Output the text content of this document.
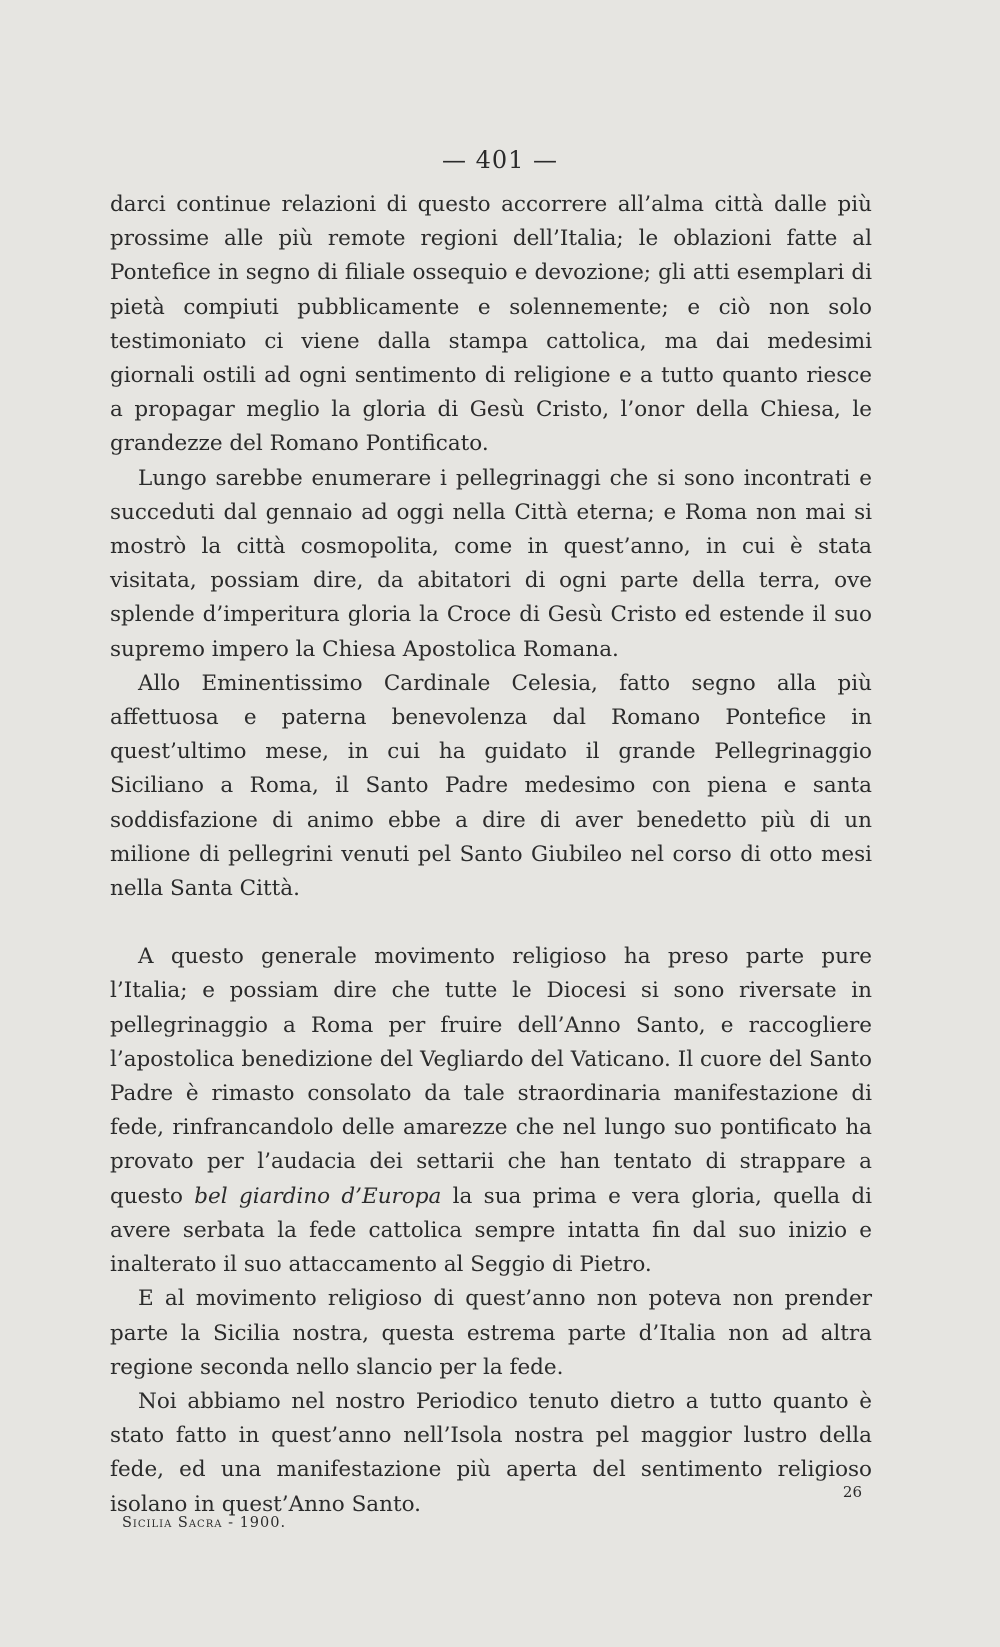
— 401 —

darci continue relazioni di questo accorrere all’alma città dalle più prossime alle più remote regioni dell’Italia; le oblazioni fatte al Pontefice in segno di filiale ossequio e devozione; gli atti esemplari di pietà compiuti pubblicamente e solennemente; e ciò non solo testimoniato ci viene dalla stampa cattolica, ma dai medesimi giornali ostili ad ogni sentimento di religione e a tutto quanto riesce a propagar meglio la gloria di Gesù Cristo, l’onor della Chiesa, le grandezze del Romano Pontificato.

Lungo sarebbe enumerare i pellegrinaggi che si sono incontrati e succeduti dal gennaio ad oggi nella Città eterna; e Roma non mai si mostrò la città cosmopolita, come in quest’anno, in cui è stata visitata, possiam dire, da abitatori di ogni parte della terra, ove splende d’imperitura gloria la Croce di Gesù Cristo ed estende il suo supremo impero la Chiesa Apostolica Romana.

Allo Eminentissimo Cardinale Celesia, fatto segno alla più affettuosa e paterna benevolenza dal Romano Pontefice in quest’ultimo mese, in cui ha guidato il grande Pellegrinaggio Siciliano a Roma, il Santo Padre medesimo con piena e santa soddisfazione di animo ebbe a dire di aver benedetto più di un milione di pellegrini venuti pel Santo Giubileo nel corso di otto mesi nella Santa Città.

A questo generale movimento religioso ha preso parte pure l’Italia; e possiam dire che tutte le Diocesi si sono riversate in pellegrinaggio a Roma per fruire dell’Anno Santo, e raccogliere l’apostolica benedizione del Vegliardo del Vaticano. Il cuore del Santo Padre è rimasto consolato da tale straordinaria manifestazione di fede, rinfrancandolo delle amarezze che nel lungo suo pontificato ha provato per l’audacia dei settarii che han tentato di strappare a questo bel giardino d’Europa la sua prima e vera gloria, quella di avere serbata la fede cattolica sempre intatta fin dal suo inizio e inalterato il suo attaccamento al Seggio di Pietro.

E al movimento religioso di quest’anno non poteva non prender parte la Sicilia nostra, questa estrema parte d’Italia non ad altra regione seconda nello slancio per la fede.

Noi abbiamo nel nostro Periodico tenuto dietro a tutto quanto è stato fatto in quest’anno nell’Isola nostra pel maggior lustro della fede, ed una manifestazione più aperta del sentimento religioso isolano in quest’Anno Santo.	26
Sicilia Sacra - 1900.
